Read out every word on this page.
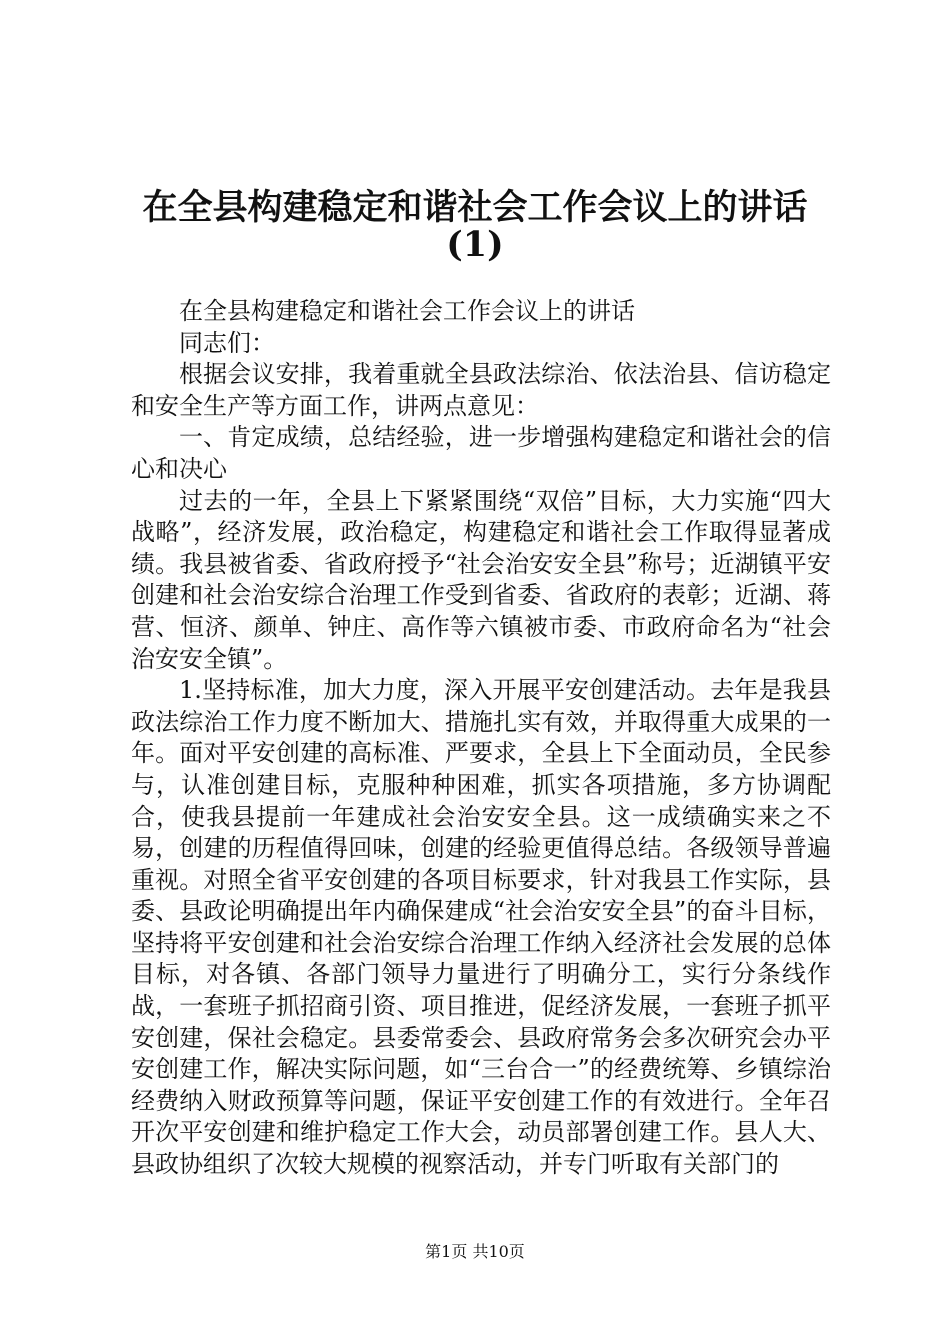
在全县构建稳定和谐社会工作会议上的讲话
(1)

在全县构建稳定和谐社会工作会议上的讲话

同志们：

根据会议安排，我着重就全县政法综治、依法治县、信访稳定和安全生产等方面工作，讲两点意见：

一、肯定成绩，总结经验，进一步增强构建稳定和谐社会的信心和决心

过去的一年，全县上下紧紧围绕“双倍”目标，大力实施“四大战略”，经济发展，政治稳定，构建稳定和谐社会工作取得显著成绩。我县被省委、省政府授予“社会治安安全县”称号；近湖镇平安创建和社会治安综合治理工作受到省委、省政府的表彰；近湖、蒋营、恒济、颜单、钟庄、高作等六镇被市委、市政府命名为“社会治安安全镇”。

1.坚持标准，加大力度，深入开展平安创建活动。去年是我县政法综治工作力度不断加大、措施扎实有效，并取得重大成果的一年。面对平安创建的高标准、严要求，全县上下全面动员，全民参与，认准创建目标，克服种种困难，抓实各项措施，多方协调配合，使我县提前一年建成社会治安安全县。这一成绩确实来之不易，创建的历程值得回味，创建的经验更值得总结。各级领导普遍重视。对照全省平安创建的各项目标要求，针对我县工作实际，县委、县政论明确提出年内确保建成“社会治安安全县”的奋斗目标，坚持将平安创建和社会治安综合治理工作纳入经济社会发展的总体目标，对各镇、各部门领导力量进行了明确分工，实行分条线作战，一套班子抓招商引资、项目推进，促经济发展，一套班子抓平安创建，保社会稳定。县委常委会、县政府常务会多次研究会办平安创建工作，解决实际问题，如“三台合一”的经费统筹、乡镇综治经费纳入财政预算等问题，保证平安创建工作的有效进行。全年召开次平安创建和维护稳定工作大会，动员部署创建工作。县人大、县政协组织了次较大规模的视察活动，并专门听取有关部门的

第1页 共10页
